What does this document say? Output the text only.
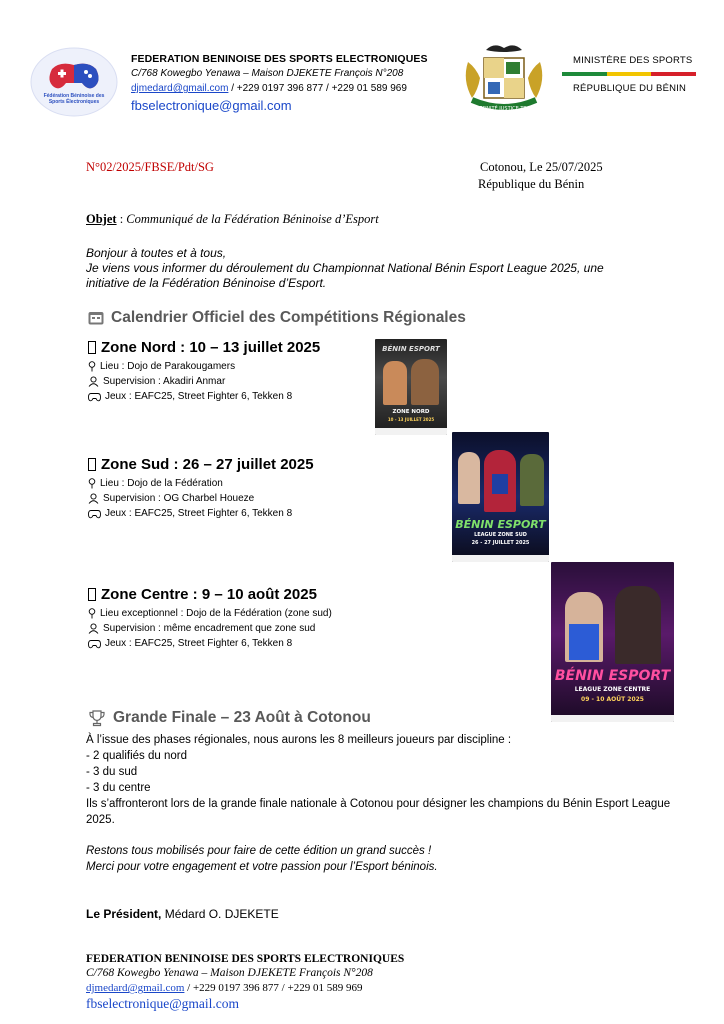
Fédération Béninoise des Sports Électroniques
FEDERATION BENINOISE DES SPORTS ELECTRONIQUES
C/768 Kowegbo Yenawa – Maison DJEKETE François N°208
djmedard@gmail.com / +229 0197 396 877 / +229 01 589 969
fbselectronique@gmail.com	FRATERNITÉ JUSTICE TRAVAIL
MINISTÈRE DES SPORTS
RÉPUBLIQUE DU BÉNIN
N°02/2025/FBSE/Pdt/SG	Cotonou, Le 25/07/2025
République du Bénin
Objet : Communiqué de la Fédération Béninoise d’Esport
Bonjour à toutes et à tous,
Je viens vous informer du déroulement du Championnat National Bénin Esport League 2025, une initiative de la Fédération Béninoise d’Esport.
Calendrier Officiel des Compétitions Régionales
Zone Nord : 10 – 13 juillet 2025
Lieu : Dojo de Parakougamers
Supervision : Akadiri Anmar
Jeux : EAFC25, Street Fighter 6, Tekken 8
BÉNIN ESPORT
ZONE NORD
10 - 13 JUILLET 2025
Zone Sud : 26 – 27 juillet 2025
Lieu : Dojo de la Fédération
Supervision : OG Charbel Houeze
Jeux : EAFC25, Street Fighter 6, Tekken 8
BÉNIN ESPORT
LEAGUE ZONE SUD
26 - 27 JUILLET 2025
Zone Centre : 9 – 10 août 2025
Lieu exceptionnel : Dojo de la Fédération (zone sud)
Supervision : même encadrement que zone sud
Jeux : EAFC25, Street Fighter 6, Tekken 8
BÉNIN ESPORT
LEAGUE ZONE CENTRE
09 - 10 AOÛT 2025
Grande Finale – 23 Août à Cotonou
À l’issue des phases régionales, nous aurons les 8 meilleurs joueurs par discipline :
- 2 qualifiés du nord
- 3 du sud
- 3 du centre
Ils s’affronteront lors de la grande finale nationale à Cotonou pour désigner les champions du Bénin Esport League 2025.
Restons tous mobilisés pour faire de cette édition un grand succès !
Merci pour votre engagement et votre passion pour l’Esport béninois.
Le Président, Médard O. DJEKETE
FEDERATION BENINOISE DES SPORTS ELECTRONIQUES
C/768 Kowegbo Yenawa – Maison DJEKETE François N°208
djmedard@gmail.com / +229 0197 396 877 / +229 01 589 969
fbselectronique@gmail.com
